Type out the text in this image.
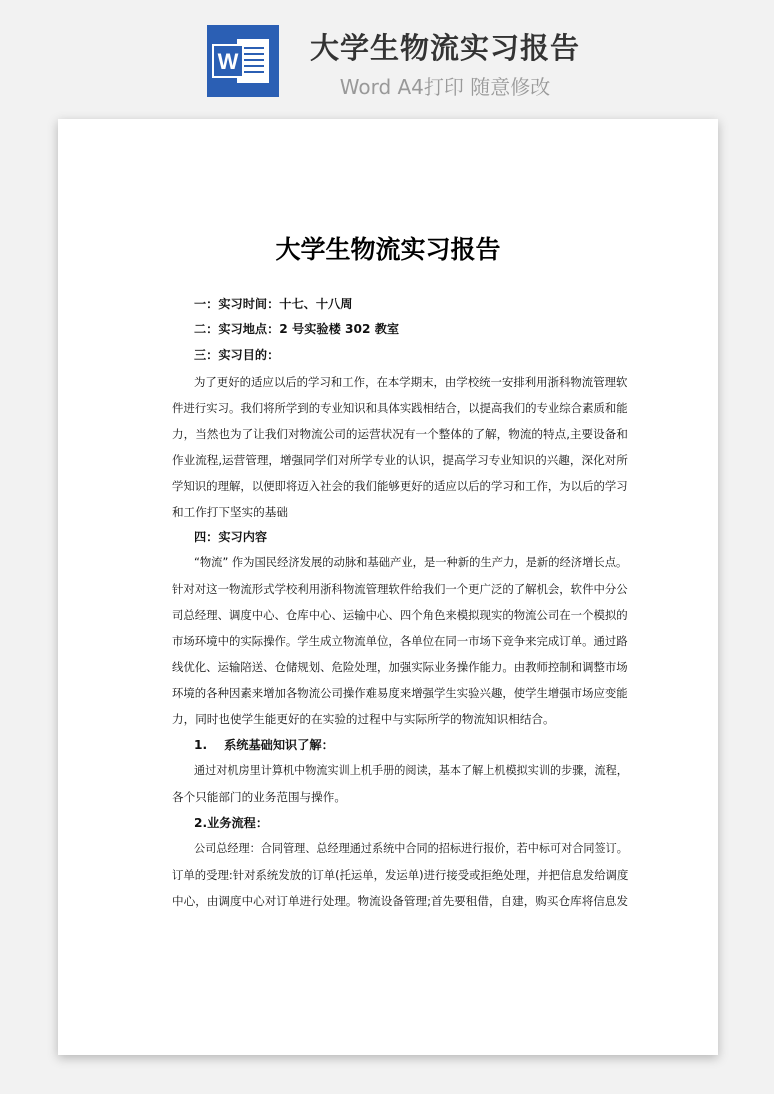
W	大学生物流实习报告
Word A4打印 随意修改
大学生物流实习报告
一：实习时间：十七、十八周
二：实习地点：2 号实验楼 302 教室
三：实习目的：
为了更好的适应以后的学习和工作，在本学期末，由学校统一安排利用浙科物流管理软
件进行实习。我们将所学到的专业知识和具体实践相结合，以提高我们的专业综合素质和能
力，当然也为了让我们对物流公司的运营状况有一个整体的了解，物流的特点,主要设备和
作业流程,运营管理，增强同学们对所学专业的认识，提高学习专业知识的兴趣，深化对所
学知识的理解，以便即将迈入社会的我们能够更好的适应以后的学习和工作，为以后的学习
和工作打下坚实的基础
四：实习内容
“物流” 作为国民经济发展的动脉和基础产业，是一种新的生产力，是新的经济增长点。
针对对这一物流形式学校利用浙科物流管理软件给我们一个更广泛的了解机会，软件中分公
司总经理、调度中心、仓库中心、运输中心、四个角色来模拟现实的物流公司在一个模拟的
市场环境中的实际操作。学生成立物流单位，各单位在同一市场下竞争来完成订单。通过路
线优化、运输陪送、仓储规划、危险处理，加强实际业务操作能力。由教师控制和调整市场
环境的各种因素来增加各物流公司操作难易度来增强学生实验兴趣，使学生增强市场应变能
力，同时也使学生能更好的在实验的过程中与实际所学的物流知识相结合。
1.    系统基础知识了解：
通过对机房里计算机中物流实训上机手册的阅读，基本了解上机模拟实训的步骤，流程，
各个只能部门的业务范围与操作。
2.业务流程：
公司总经理：合同管理、总经理通过系统中合同的招标进行报价，若中标可对合同签订。
订单的受理:针对系统发放的订单(托运单，发运单)进行接受或拒绝处理，并把信息发给调度
中心，由调度中心对订单进行处理。物流设备管理;首先要租借，自建，购买仓库将信息发
